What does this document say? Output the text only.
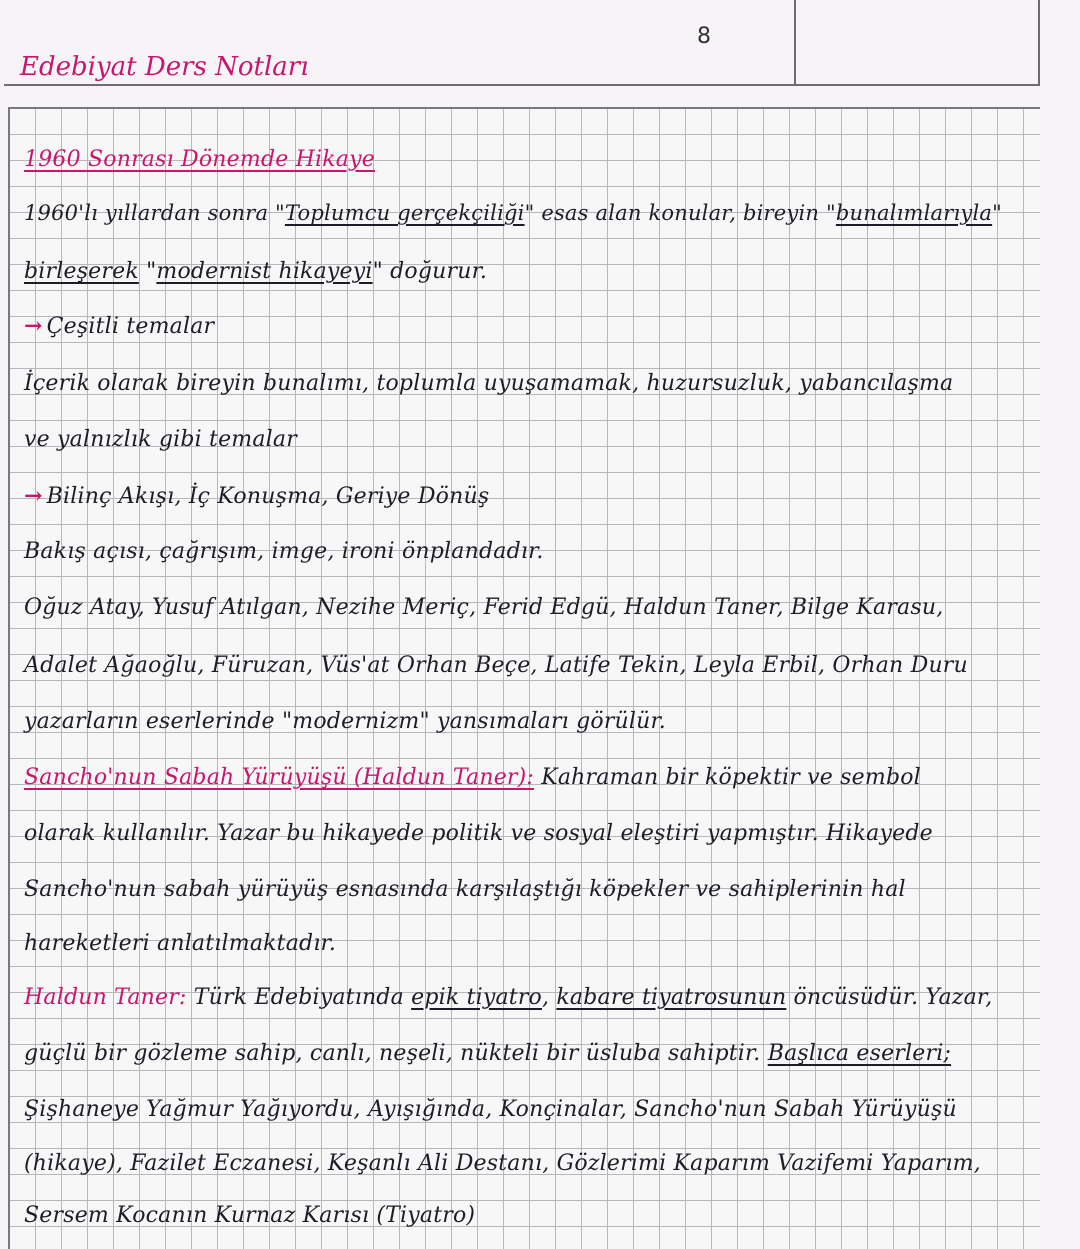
Edebiyat Ders Notları
8
1960 Sonrası Dönemde Hikaye
1960'lı yıllardan sonra "Toplumcu gerçekçiliği" esas alan konular, bireyin "bunalımlarıyla"
birleşerek "modernist hikayeyi" doğurur.
→ Çeşitli temalar
İçerik olarak bireyin bunalımı, toplumla uyuşamamak, huzursuzluk, yabancılaşma
ve yalnızlık gibi temalar
→ Bilinç Akışı, İç Konuşma, Geriye Dönüş
Bakış açısı, çağrışım, imge, ironi önplandadır.
Oğuz Atay, Yusuf Atılgan, Nezihe Meriç, Ferid Edgü, Haldun Taner, Bilge Karasu,
Adalet Ağaoğlu, Füruzan, Vüs'at Orhan Beçe, Latife Tekin, Leyla Erbil, Orhan Duru
yazarların eserlerinde "modernizm" yansımaları görülür.
Sancho'nun Sabah Yürüyüşü (Haldun Taner): Kahraman bir köpektir ve sembol
olarak kullanılır. Yazar bu hikayede politik ve sosyal eleştiri yapmıştır. Hikayede
Sancho'nun sabah yürüyüş esnasında karşılaştığı köpekler ve sahiplerinin hal
hareketleri anlatılmaktadır.
Haldun Taner: Türk Edebiyatında epik tiyatro, kabare tiyatrosunun öncüsüdür. Yazar,
güçlü bir gözleme sahip, canlı, neşeli, nükteli bir üsluba sahiptir. Başlıca eserleri;
Şişhaneye Yağmur Yağıyordu, Ayışığında, Konçinalar, Sancho'nun Sabah Yürüyüşü
(hikaye), Fazilet Eczanesi, Keşanlı Ali Destanı, Gözlerimi Kaparım Vazifemi Yaparım,
Sersem Kocanın Kurnaz Karısı (Tiyatro)
